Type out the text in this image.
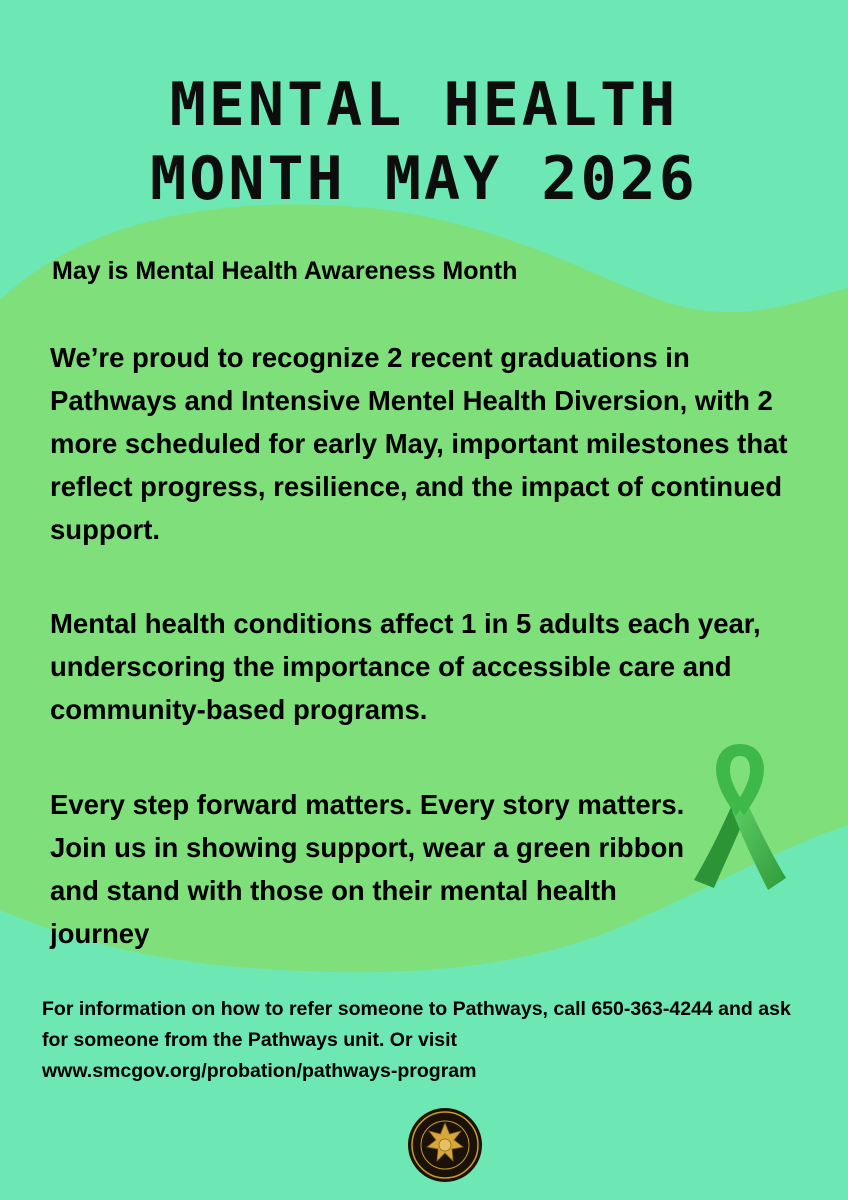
MENTAL HEALTH
MONTH MAY 2026
May is Mental Health Awareness Month
We’re proud to recognize 2 recent graduations in Pathways and Intensive Mentel Health Diversion, with 2 more scheduled for early May, important milestones that reflect progress, resilience, and the impact of continued support.
Mental health conditions affect 1 in 5 adults each year, underscoring the importance of accessible care and community-based programs.
Every step forward matters. Every story matters. Join us in showing support, wear a green ribbon and stand with those on their mental health journey
For information on how to refer someone to Pathways, call 650-363-4244 and ask for someone from the Pathways unit. Or visit www.smcgov.org/probation/pathways-program
